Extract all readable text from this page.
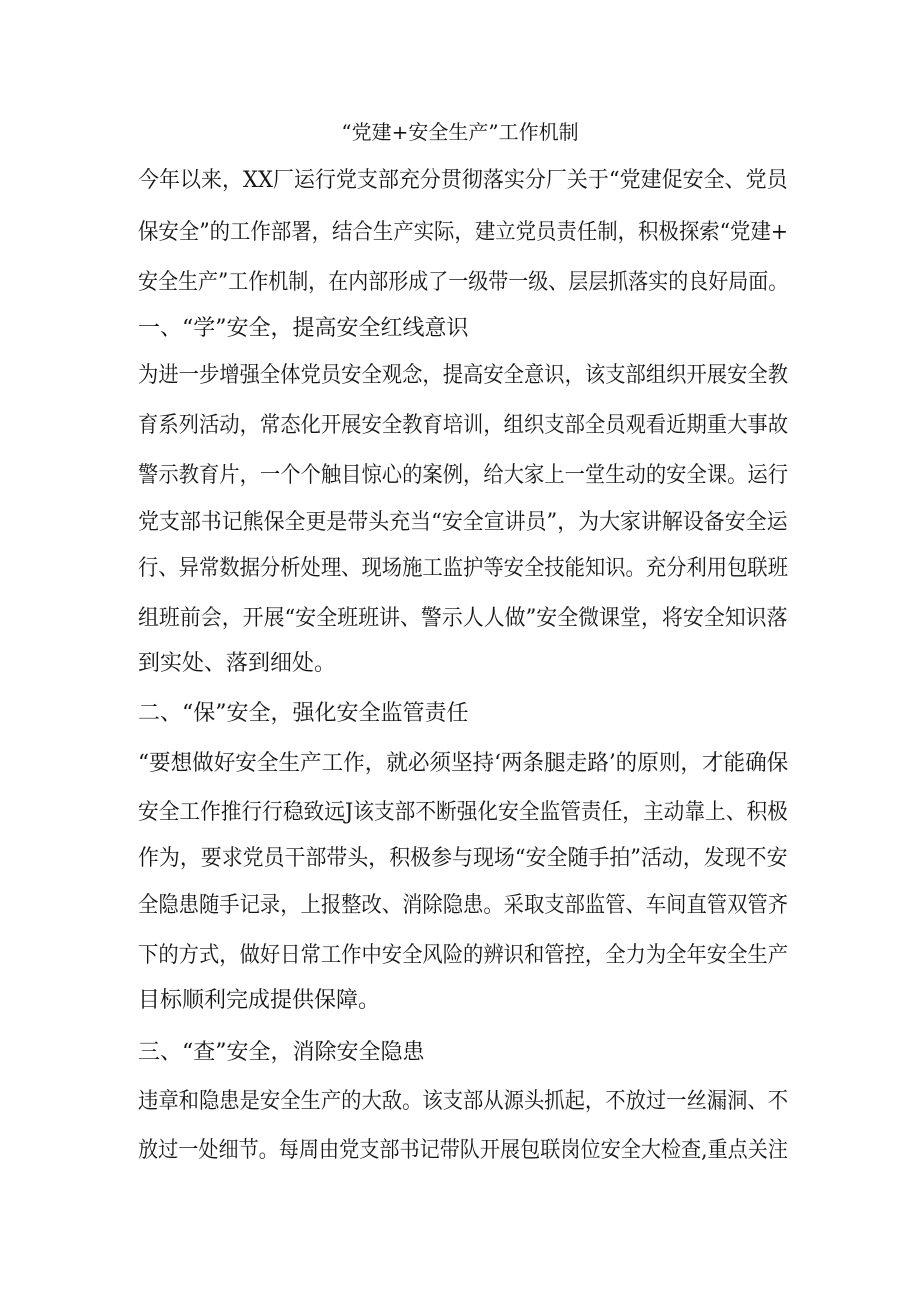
“党建+安全生产”工作机制
今年以来，XX厂运行党支部充分贯彻落实分厂关于“党建促安全、党员
保安全”的工作部署，结合生产实际，建立党员责任制，积极探索“党建+
安全生产”工作机制，在内部形成了一级带一级、层层抓落实的良好局面。
一、“学”安全，提高安全红线意识
为进一步增强全体党员安全观念，提高安全意识，该支部组织开展安全教
育系列活动，常态化开展安全教育培训，组织支部全员观看近期重大事故
警示教育片，一个个触目惊心的案例，给大家上一堂生动的安全课。运行
党支部书记熊保全更是带头充当“安全宣讲员”，为大家讲解设备安全运
行、异常数据分析处理、现场施工监护等安全技能知识。充分利用包联班
组班前会，开展“安全班班讲、警示人人做”安全微课堂，将安全知识落
到实处、落到细处。
二、“保”安全，强化安全监管责任
“要想做好安全生产工作，就必须坚持‘两条腿走路’的原则，才能确保
安全工作推行行稳致远J该支部不断强化安全监管责任，主动靠上、积极
作为，要求党员干部带头，积极参与现场“安全随手拍”活动，发现不安
全隐患随手记录，上报整改、消除隐患。采取支部监管、车间直管双管齐
下的方式，做好日常工作中安全风险的辨识和管控，全力为全年安全生产
目标顺利完成提供保障。
三、“查”安全，消除安全隐患
违章和隐患是安全生产的大敌。该支部从源头抓起，不放过一丝漏洞、不
放过一处细节。每周由党支部书记带队开展包联岗位安全大检查,重点关注
